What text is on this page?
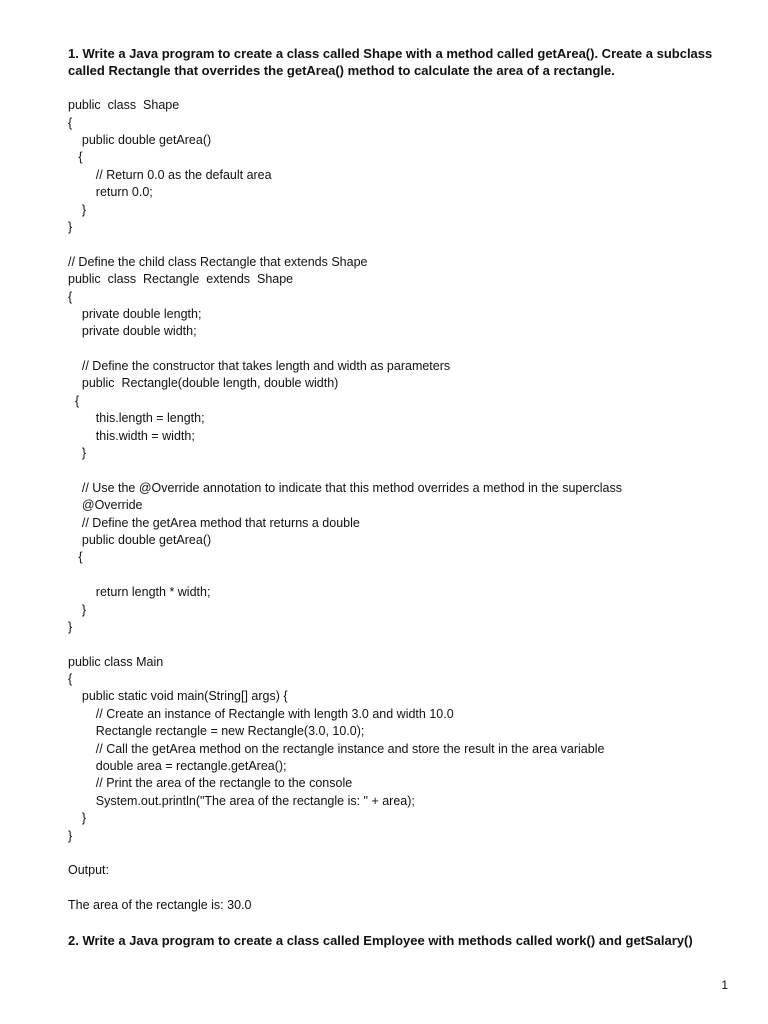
1. Write a Java program to create a class called Shape with a method called getArea(). Create a subclass called Rectangle that overrides the getArea() method to calculate the area of a rectangle.

public  class  Shape
{
public double getArea()
{
// Return 0.0 as the default area
return 0.0;
}
}
// Define the child class Rectangle that extends Shape
public  class  Rectangle  extends  Shape
{
private double length;
private double width;
// Define the constructor that takes length and width as parameters
public  Rectangle(double length, double width)
{
this.length = length;
this.width = width;
}
// Use the @Override annotation to indicate that this method overrides a method in the superclass
@Override
// Define the getArea method that returns a double
public double getArea()
{
return length * width;
}
}
public class Main
{
public static void main(String[] args) {
// Create an instance of Rectangle with length 3.0 and width 10.0
Rectangle rectangle = new Rectangle(3.0, 10.0);
// Call the getArea method on the rectangle instance and store the result in the area variable
double area = rectangle.getArea();
// Print the area of the rectangle to the console
System.out.println("The area of the rectangle is: " + area);
}
}

Output:

The area of the rectangle is: 30.0

2. Write a Java program to create a class called Employee with methods called work() and getSalary()

1
